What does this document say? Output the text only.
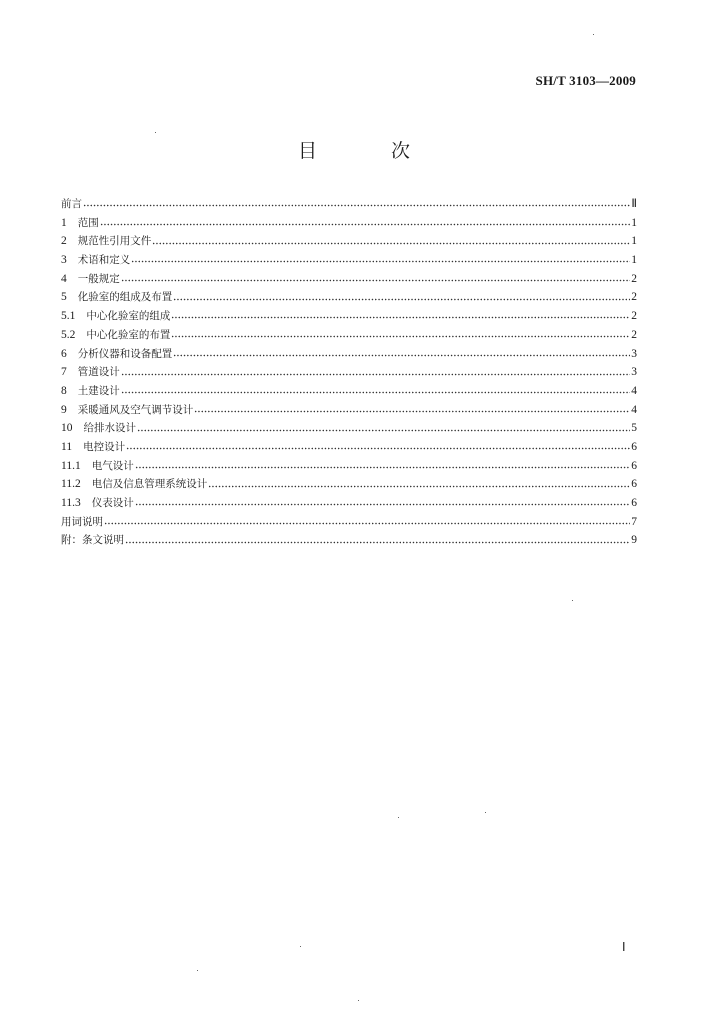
SH/T 3103—2009
目 次
前言	Ⅱ
1 范围	1
2 规范性引用文件	1
3 术语和定义	1
4 一般规定	2
5 化验室的组成及布置	2
5.1 中心化验室的组成	2
5.2 中心化验室的布置	2
6 分析仪器和设备配置	3
7 管道设计	3
8 土建设计	4
9 采暖通风及空气调节设计	4
10 给排水设计	5
11 电控设计	6
11.1 电气设计	6
11.2 电信及信息管理系统设计	6
11.3 仪表设计	6
用词说明	7
附：条文说明	9
Ⅰ
